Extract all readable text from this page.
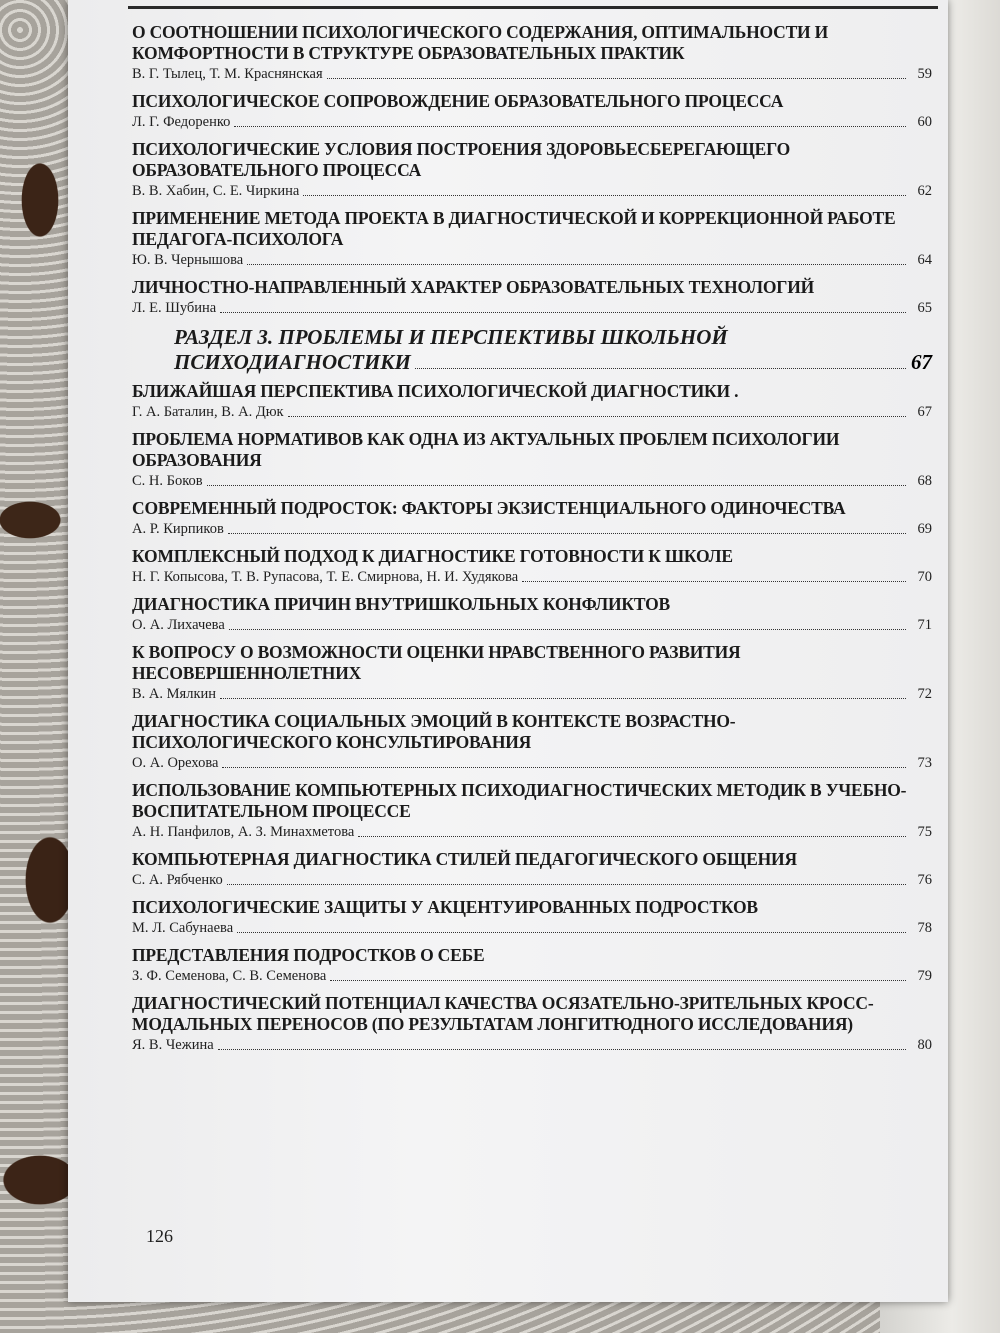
О СООТНОШЕНИИ ПСИХОЛОГИЧЕСКОГО СОДЕРЖАНИЯ, ОПТИМАЛЬНОСТИ И КОМФОРТНОСТИ В СТРУКТУРЕ ОБРАЗОВАТЕЛЬНЫХ ПРАКТИК
В. Г. Тылец, Т. М. Краснянская	59
ПСИХОЛОГИЧЕСКОЕ СОПРОВОЖДЕНИЕ ОБРАЗОВАТЕЛЬНОГО ПРОЦЕССА
Л. Г. Федоренко	60
ПСИХОЛОГИЧЕСКИЕ УСЛОВИЯ ПОСТРОЕНИЯ ЗДОРОВЬЕСБЕРЕГАЮЩЕГО ОБРАЗОВАТЕЛЬНОГО ПРОЦЕССА
В. В. Хабин, С. Е. Чиркина	62
ПРИМЕНЕНИЕ МЕТОДА ПРОЕКТА В ДИАГНОСТИЧЕСКОЙ И КОРРЕКЦИОННОЙ РАБОТЕ ПЕДАГОГА-ПСИХОЛОГА
Ю. В. Чернышова	64
ЛИЧНОСТНО-НАПРАВЛЕННЫЙ ХАРАКТЕР ОБРАЗОВАТЕЛЬНЫХ ТЕХНОЛОГИЙ
Л. Е. Шубина	65
РАЗДЕЛ 3. ПРОБЛЕМЫ И ПЕРСПЕКТИВЫ ШКОЛЬНОЙ
ПСИХОДИАГНОСТИКИ	67
БЛИЖАЙШАЯ ПЕРСПЕКТИВА ПСИХОЛОГИЧЕСКОЙ ДИАГНОСТИКИ .
Г. А. Баталин, В. А. Дюк	67
ПРОБЛЕМА НОРМАТИВОВ КАК ОДНА ИЗ АКТУАЛЬНЫХ ПРОБЛЕМ ПСИХОЛОГИИ ОБРАЗОВАНИЯ
С. Н. Боков	68
СОВРЕМЕННЫЙ ПОДРОСТОК: ФАКТОРЫ ЭКЗИСТЕНЦИАЛЬНОГО ОДИНОЧЕСТВА
А. Р. Кирпиков	69
КОМПЛЕКСНЫЙ ПОДХОД К ДИАГНОСТИКЕ ГОТОВНОСТИ К ШКОЛЕ
Н. Г. Копысова, Т. В. Рупасова, Т. Е. Смирнова, Н. И. Худякова	70
ДИАГНОСТИКА ПРИЧИН ВНУТРИШКОЛЬНЫХ КОНФЛИКТОВ
О. А. Лихачева	71
К ВОПРОСУ О ВОЗМОЖНОСТИ ОЦЕНКИ НРАВСТВЕННОГО РАЗВИТИЯ НЕСОВЕРШЕННОЛЕТНИХ
В. А. Мялкин	72
ДИАГНОСТИКА СОЦИАЛЬНЫХ ЭМОЦИЙ В КОНТЕКСТЕ ВОЗРАСТНО-ПСИХОЛОГИЧЕСКОГО КОНСУЛЬТИРОВАНИЯ
О. А. Орехова	73
ИСПОЛЬЗОВАНИЕ КОМПЬЮТЕРНЫХ ПСИХОДИАГНОСТИЧЕСКИХ МЕТОДИК В УЧЕБНО-ВОСПИТАТЕЛЬНОМ ПРОЦЕССЕ
А. Н. Панфилов, А. З. Минахметова	75
КОМПЬЮТЕРНАЯ ДИАГНОСТИКА СТИЛЕЙ ПЕДАГОГИЧЕСКОГО ОБЩЕНИЯ
С. А. Рябченко	76
ПСИХОЛОГИЧЕСКИЕ ЗАЩИТЫ У АКЦЕНТУИРОВАННЫХ ПОДРОСТКОВ
М. Л. Сабунаева	78
ПРЕДСТАВЛЕНИЯ ПОДРОСТКОВ О СЕБЕ
З. Ф. Семенова, С. В. Семенова	79
ДИАГНОСТИЧЕСКИЙ ПОТЕНЦИАЛ КАЧЕСТВА ОСЯЗАТЕЛЬНО-ЗРИТЕЛЬНЫХ КРОСС-МОДАЛЬНЫХ ПЕРЕНОСОВ (ПО РЕЗУЛЬТАТАМ ЛОНГИТЮДНОГО ИССЛЕДОВАНИЯ)
Я. В. Чежина	80
126
